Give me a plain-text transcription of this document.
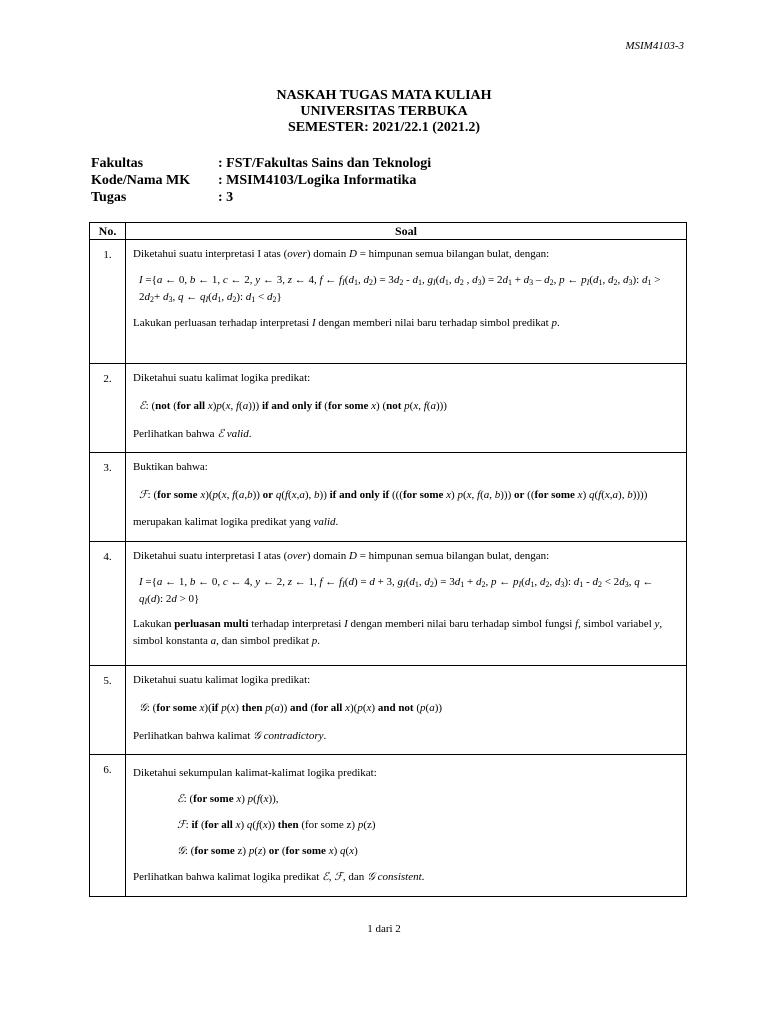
MSIM4103-3
NASKAH TUGAS MATA KULIAH
UNIVERSITAS TERBUKA
SEMESTER: 2021/22.1 (2021.2)
Fakultas	: FST/Fakultas Sains dan Teknologi
Kode/Nama MK	: MSIM4103/Logika Informatika
Tugas	: 3
No.	Soal
1.	Diketahui suatu interpretasi I atas (over) domain D = himpunan semua bilangan bulat, dengan:
I ={a ← 0, b ← 1, c ← 2, y ← 3, z ← 4, f ← $f_I(d_1$, $d_2) = 3d_2 - d_1$, $g_I(d_1$, $d_2$ , $d_3) = 2d_1 + d_3 - d_2$, p ← $p_I(d_1$, $d_2$, $d_3$): $d_1 > 2d_2+ d_3$, q ← $q_I(d_1$, $d_2$): $d_1 < d_2$}
Lakukan perluasan terhadap interpretasi I dengan memberi nilai baru terhadap simbol predikat p.

2.	Diketahui suatu kalimat logika predikat:
ℰ: (not (for all x)p(x, f(a))) if and only if (for some x) (not p(x, f(a)))
Perlihatkan bahwa ℰ valid.

3.	Buktikan bahwa:
ℱ: (for some x)(p(x, f(a,b)) or q(f(x,a), b)) if and only if (((for some x) p(x, f(a, b))) or ((for some x) q(f(x,a), b))))
merupakan kalimat logika predikat yang valid.

4.	Diketahui suatu interpretasi I atas (over) domain D = himpunan semua bilangan bulat, dengan:
I ={a ← 1, b ← 0, c ← 4, y ← 2, z ← 1, f ← $f_I(d) = d + 3$, $g_I(d_1$, $d_2) = 3d_1 + d_2$, p ← $p_I(d_1$, $d_2$, $d_3$): $d_1 - d_2 < 2d_3$, q ← $q_I(d)$: 2d > 0}
Lakukan perluasan multi terhadap interpretasi I dengan memberi nilai baru terhadap simbol fungsi f, simbol variabel y, simbol konstanta a, dan simbol predikat p.

5.	Diketahui suatu kalimat logika predikat:
𝒢: (for some x)(if p(x) then p(a)) and (for all x)(p(x) and not (p(a))
Perlihatkan bahwa kalimat 𝒢 contradictory.

6.	Diketahui sekumpulan kalimat-kalimat logika predikat:
ℰ: (for some x) p(f(x)),
ℱ: if (for all x) q(f(x)) then (for some z) p(z)
𝒢: (for some z) p(z) or (for some x) q(x)
Perlihatkan bahwa kalimat logika predikat ℰ, ℱ, dan 𝒢 consistent.
1 dari 2
